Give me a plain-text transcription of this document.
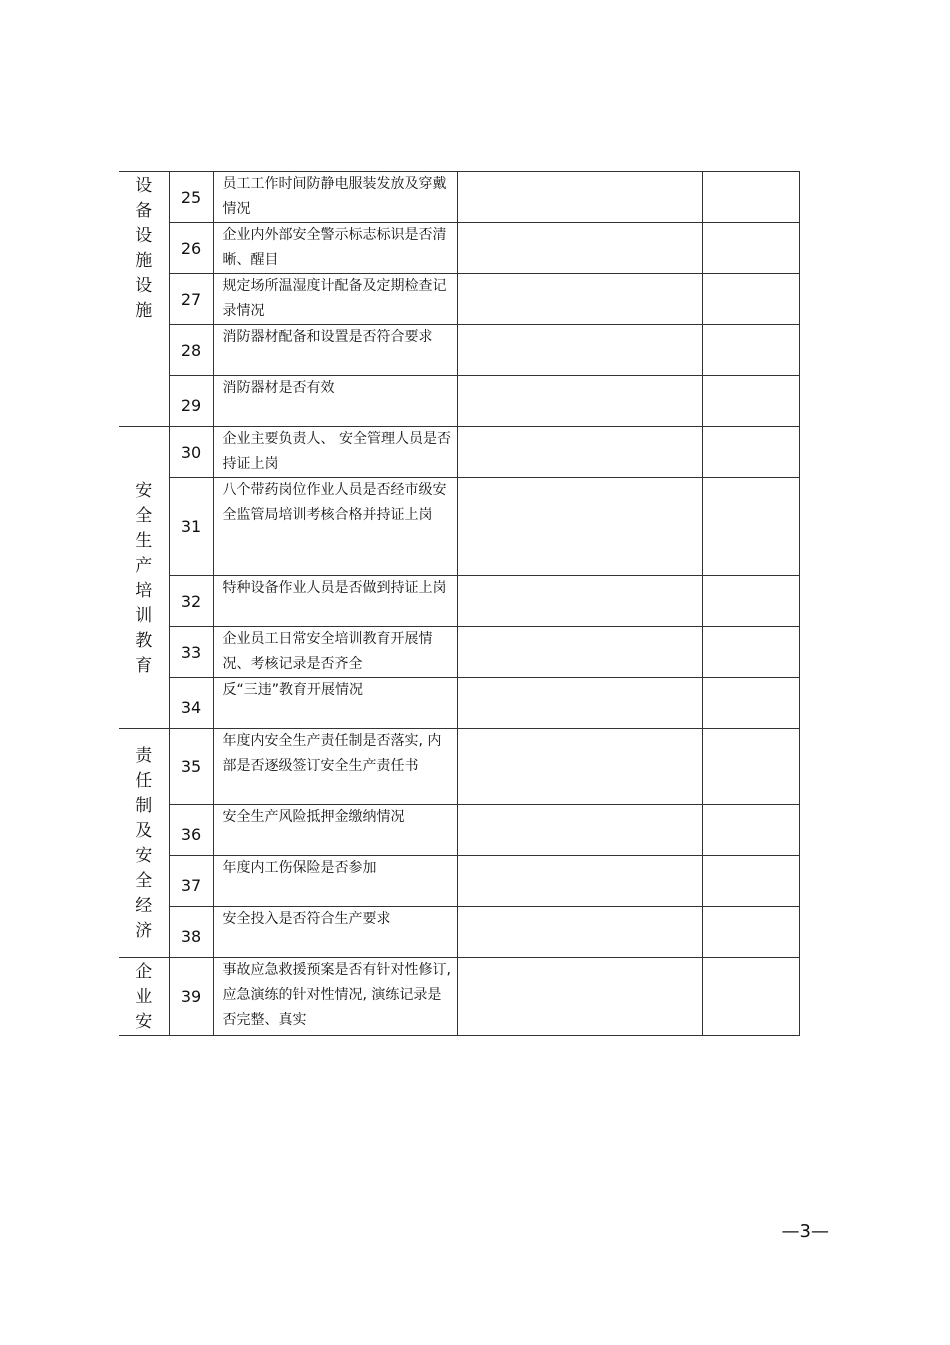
设备设施设施	25	员工工作时间防静电服装发放及穿戴情况		

	26	企业内外部安全警示标志标识是否清晰、醒目		

	27	规定场所温湿度计配备及定期检查记录情况		

	28	消防器材配备和设置是否符合要求		

	29	消防器材是否有效		

安全生产培训教育	30	企业主要负责人、 安全管理人员是否持证上岗		

	31	八个带药岗位作业人员是否经市级安全监管局培训考核合格并持证上岗		

	32	特种设备作业人员是否做到持证上岗		

	33	企业员工日常安全培训教育开展情况、考核记录是否齐全		

	34	反“三违”教育开展情况		

责任制及安全经济	35	年度内安全生产责任制是否落实, 内部是否逐级签订安全生产责任书		

	36	安全生产风险抵押金缴纳情况		

	37	年度内工伤保险是否参加		

	38	安全投入是否符合生产要求		

企业安	39	事故应急救援预案是否有针对性修订, 应急演练的针对性情况, 演练记录是否完整、真实		

—3—
